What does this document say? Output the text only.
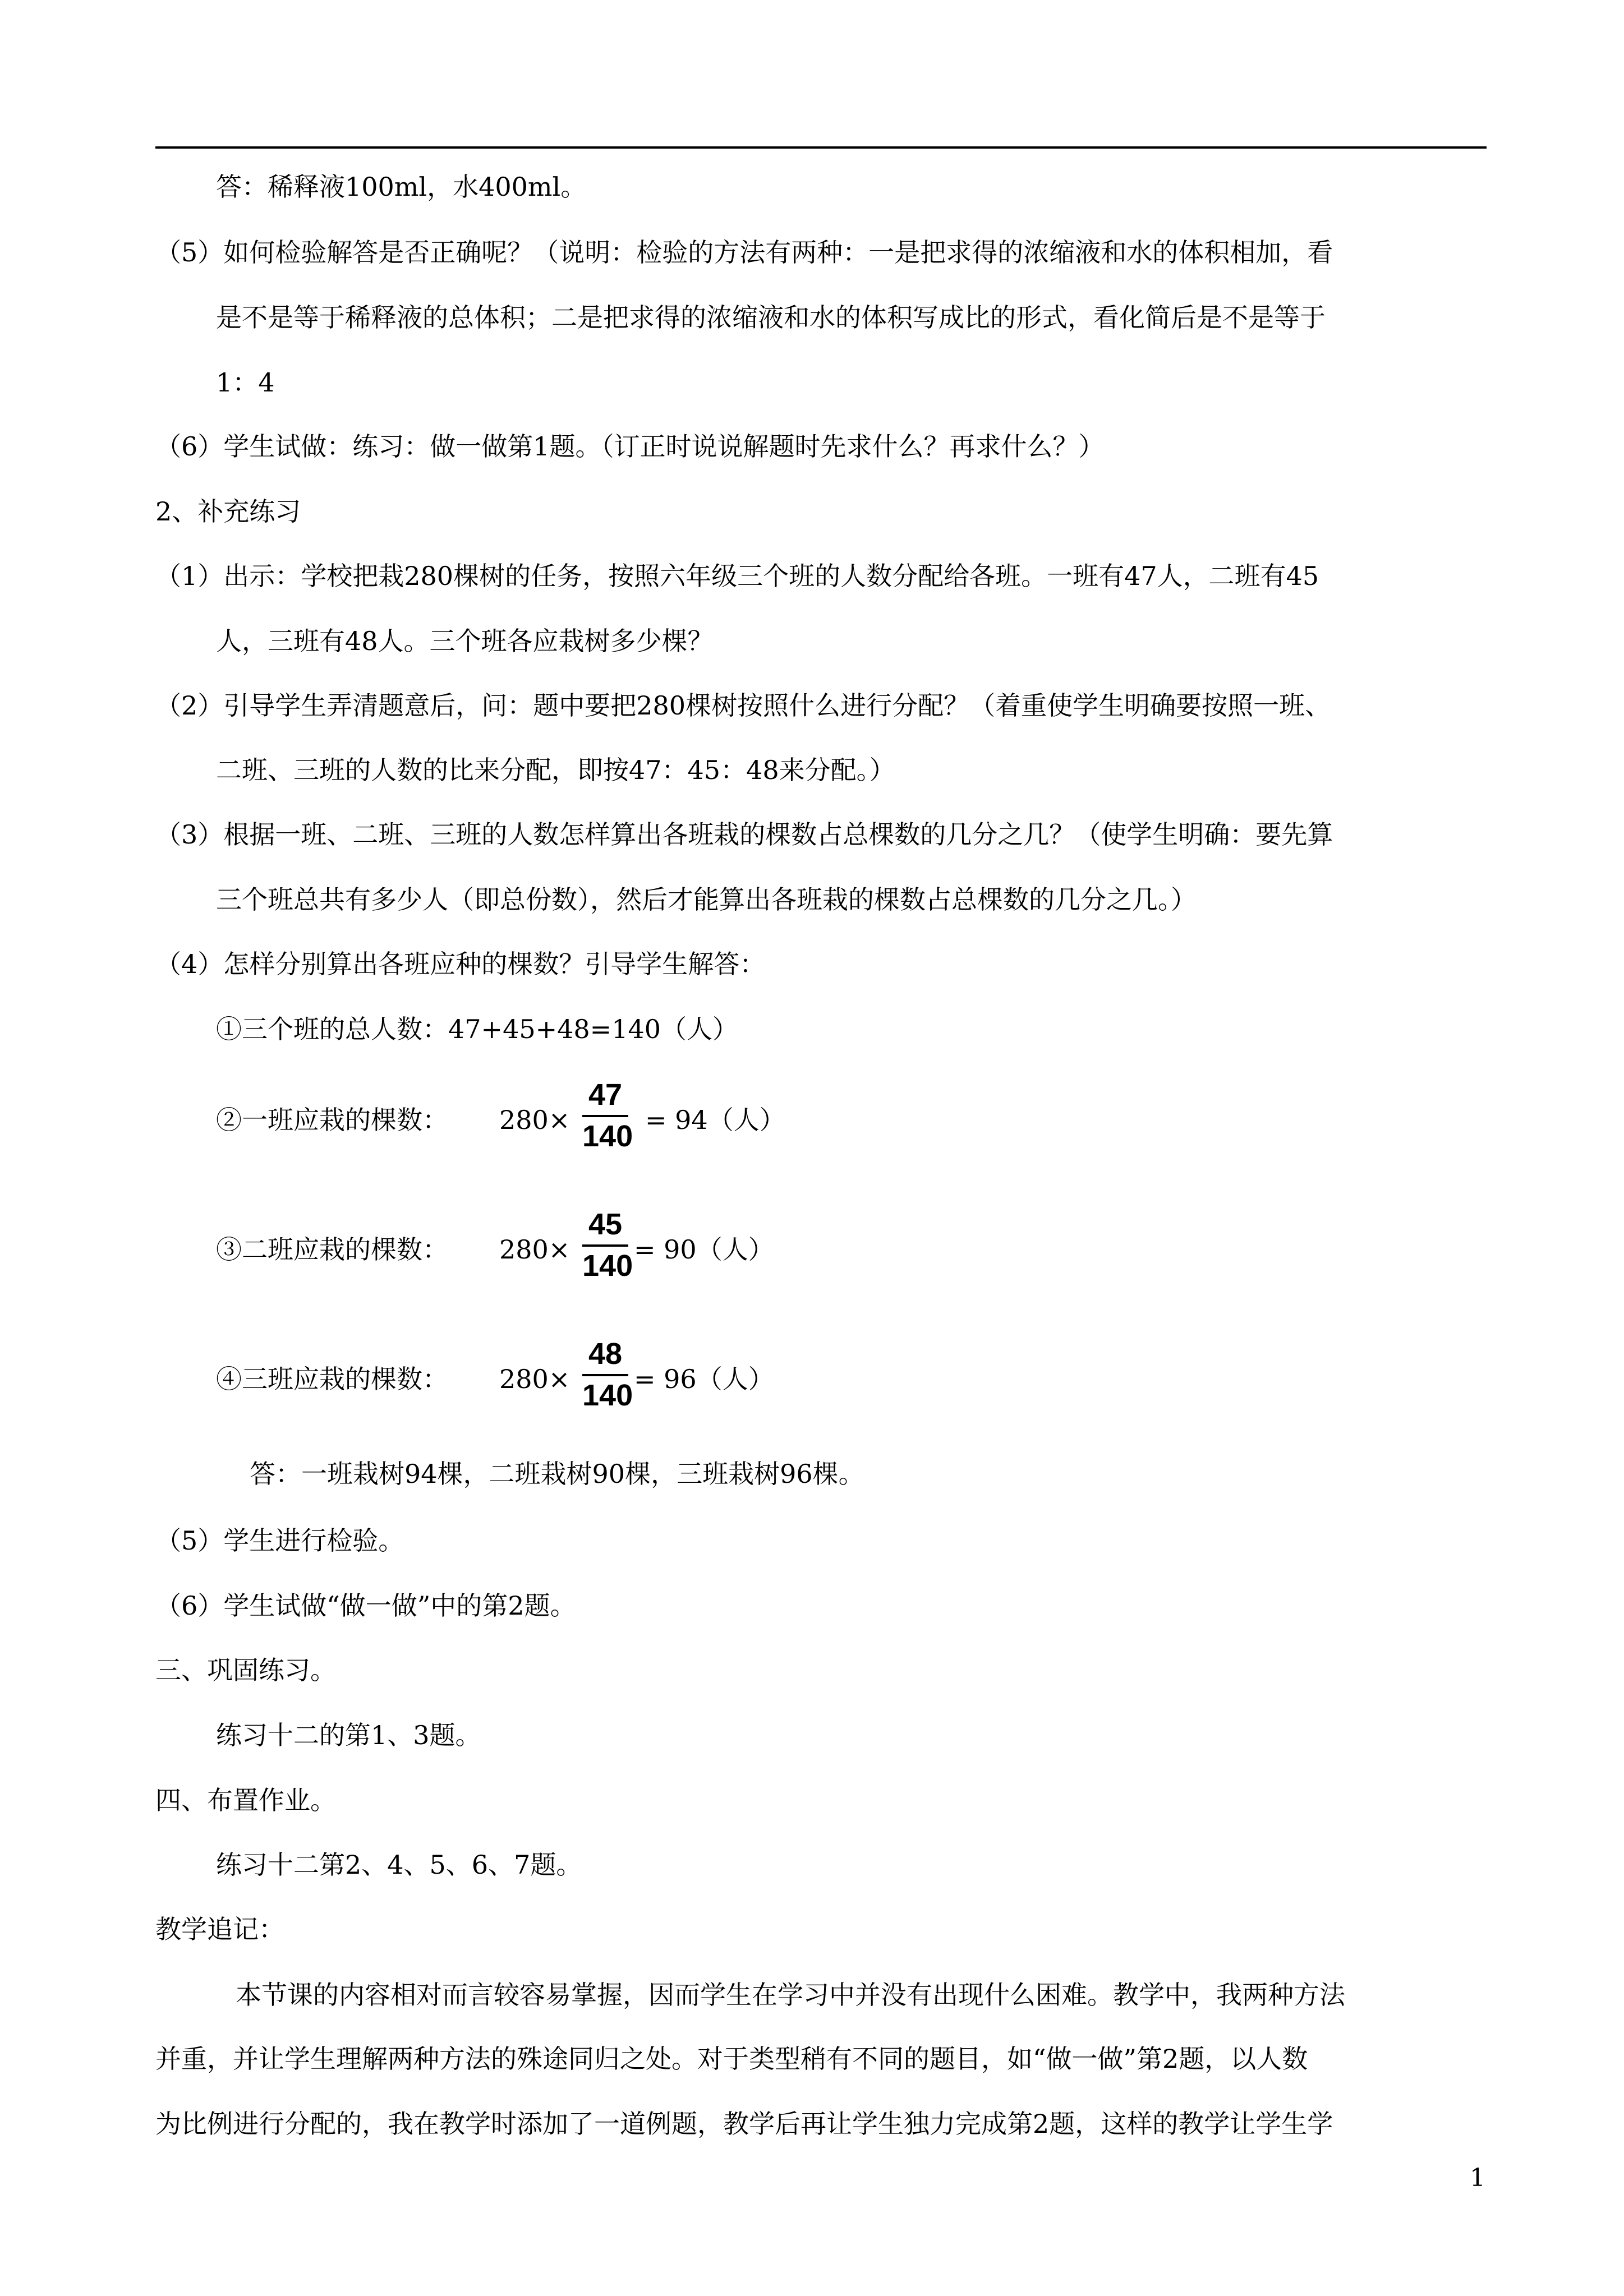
答：稀释液100ml，水400ml。
（5）如何检验解答是否正确呢？（说明：检验的方法有两种：一是把求得的浓缩液和水的体积相加，看
是不是等于稀释液的总体积；二是把求得的浓缩液和水的体积写成比的形式，看化简后是不是等于
1：4
（6）学生试做：练习：做一做第1题。（订正时说说解题时先求什么？再求什么？）
2、补充练习
（1）出示：学校把栽280棵树的任务，按照六年级三个班的人数分配给各班。一班有47人，二班有45
人，三班有48人。三个班各应栽树多少棵？
（2）引导学生弄清题意后，问：题中要把280棵树按照什么进行分配？（着重使学生明确要按照一班、
二班、三班的人数的比来分配，即按47：45：48来分配。）
（3）根据一班、二班、三班的人数怎样算出各班栽的棵数占总棵数的几分之几？（使学生明确：要先算
三个班总共有多少人（即总份数），然后才能算出各班栽的棵数占总棵数的几分之几。）
（4）怎样分别算出各班应种的棵数？引导学生解答：
①三个班的总人数：47+45+48=140（人）
②一班应栽的棵数： 280×
47
140 = 94（人）
③二班应栽的棵数： 280×
45
140 = 90（人）
④三班应栽的棵数： 280×
48
140 = 96（人）
答：一班栽树94棵，二班栽树90棵，三班栽树96棵。
（5）学生进行检验。
（6）学生试做“做一做”中的第2题。
三、巩固练习。
练习十二的第1、3题。
四、布置作业。
练习十二第2、4、5、6、7题。
教学追记：
本节课的内容相对而言较容易掌握，因而学生在学习中并没有出现什么困难。教学中，我两种方法
并重，并让学生理解两种方法的殊途同归之处。对于类型稍有不同的题目，如“做一做”第2题，以人数
为比例进行分配的，我在教学时添加了一道例题，教学后再让学生独力完成第2题，这样的教学让学生学
1
